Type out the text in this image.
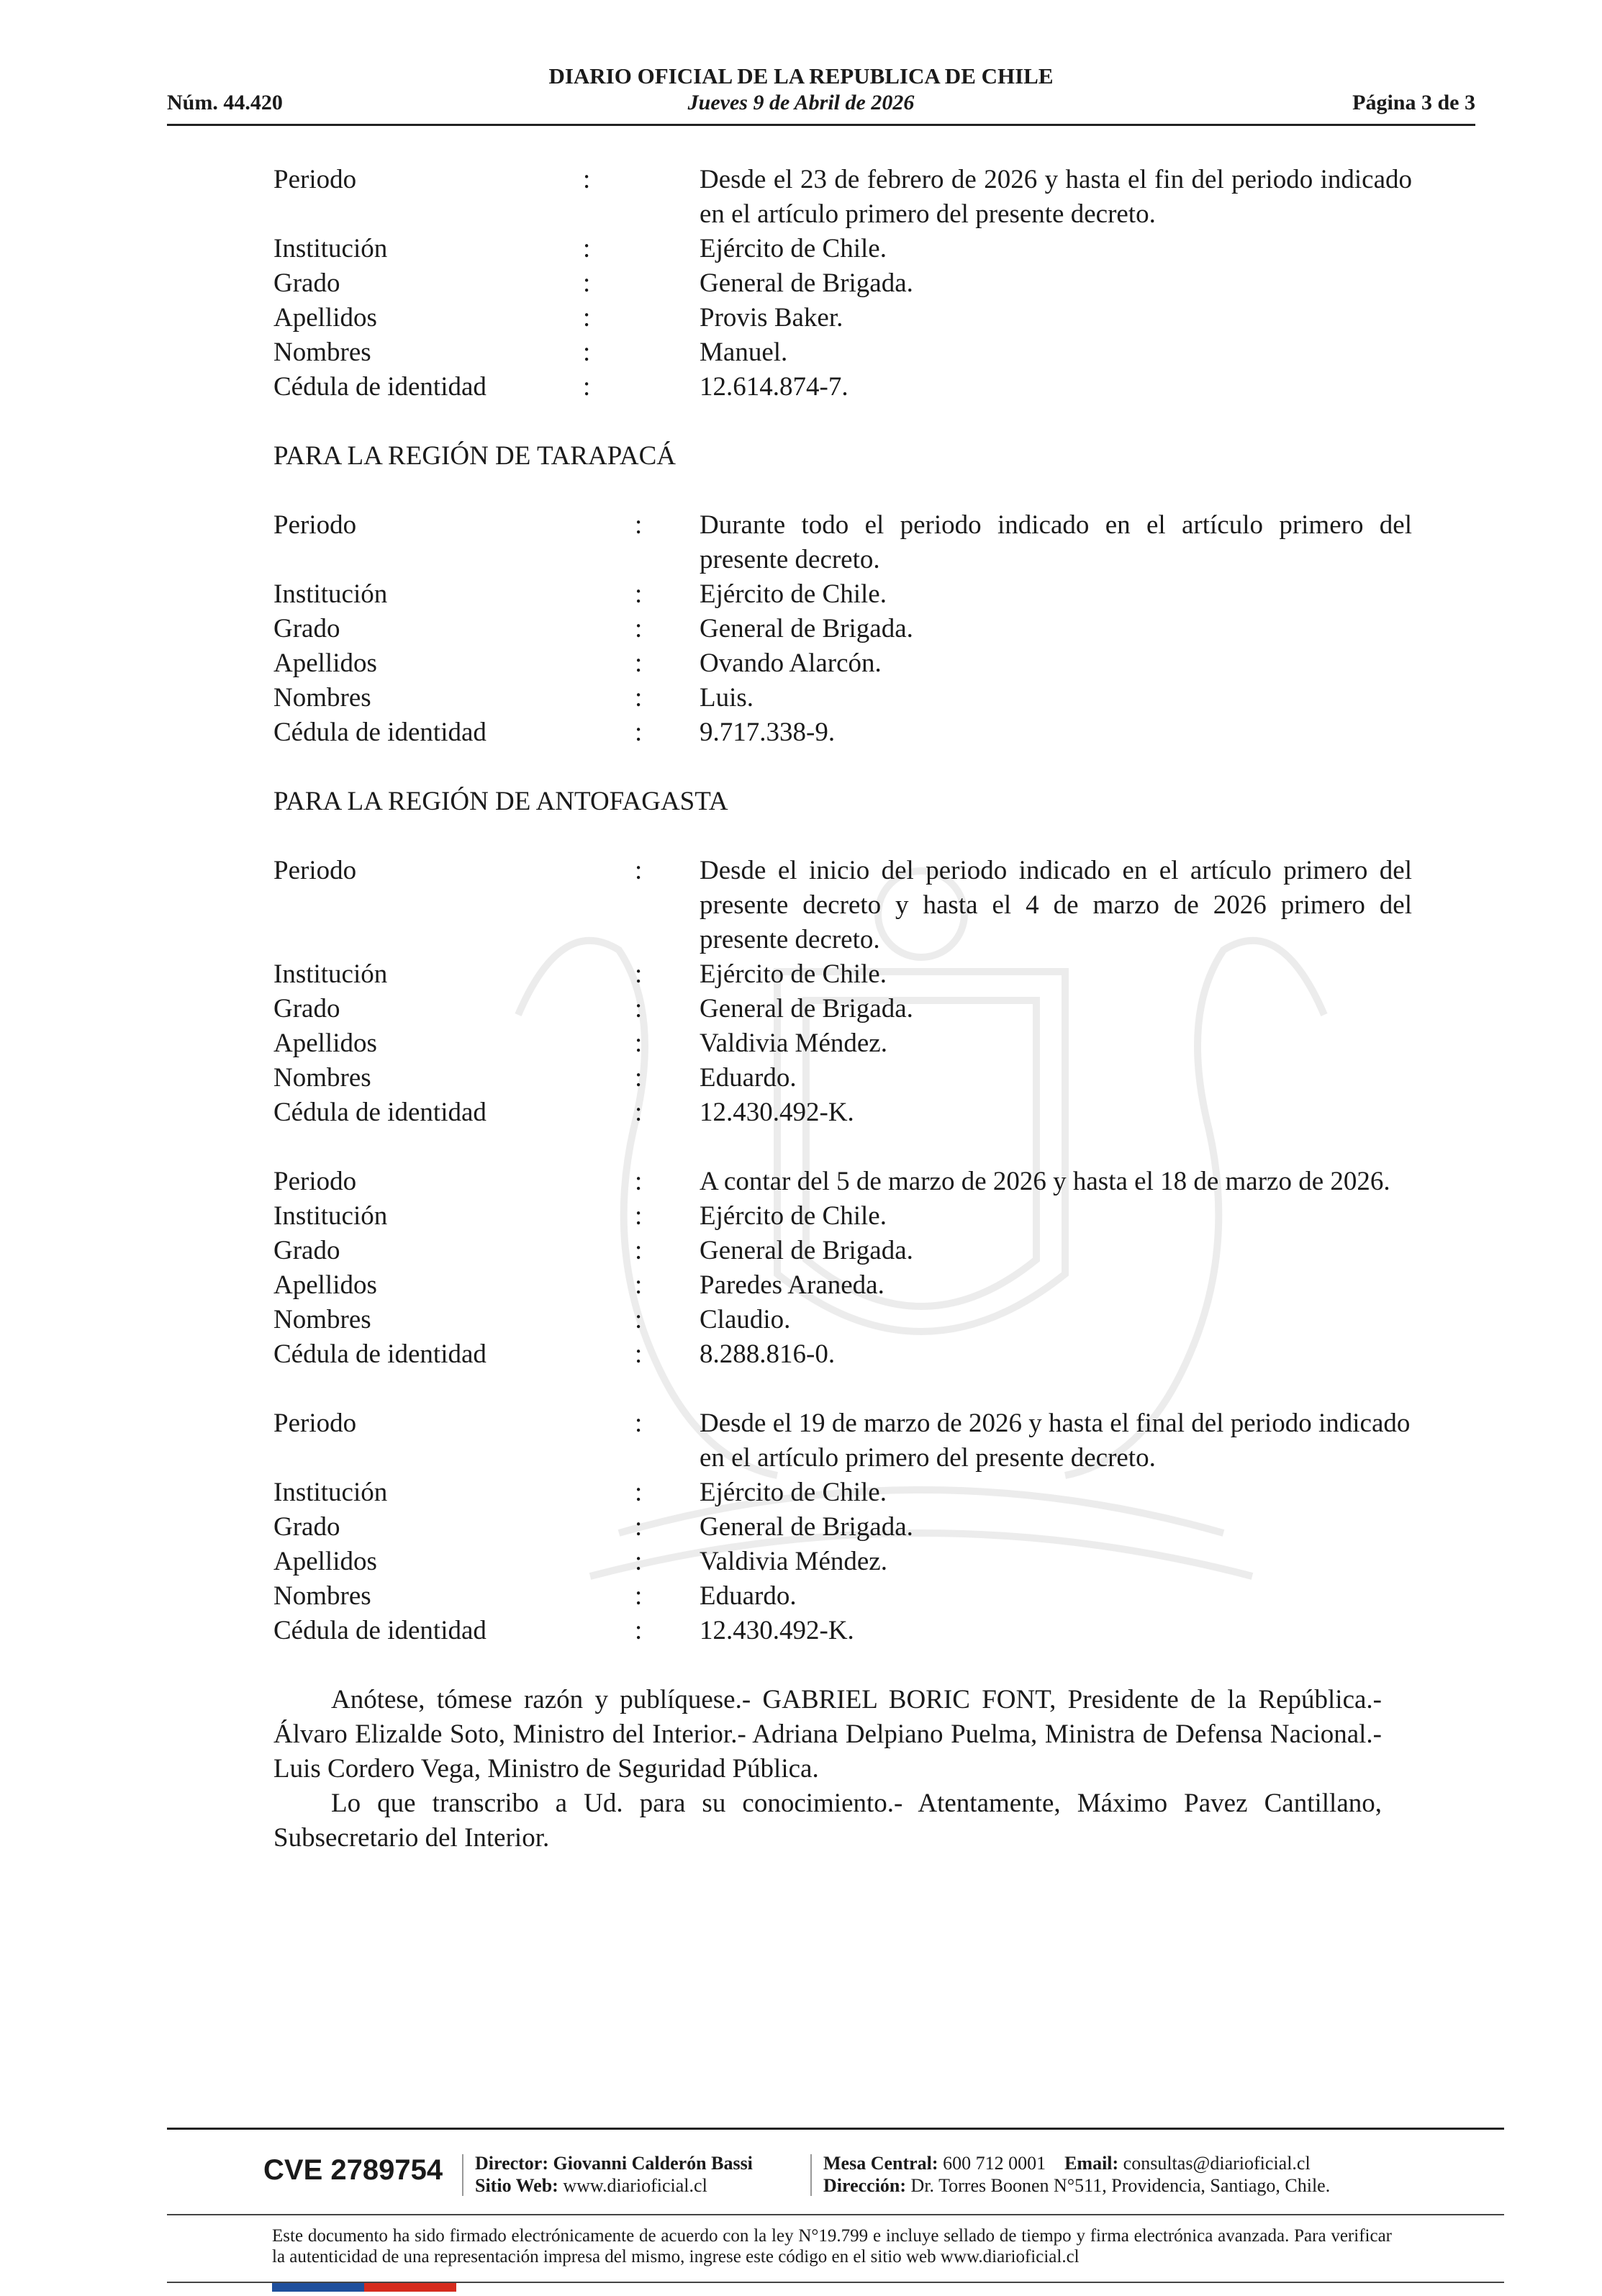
DIARIO OFICIAL DE LA REPUBLICA DE CHILE
Núm. 44.420	Jueves 9 de Abril de 2026	Página 3 de 3
Periodo	:	Desde el 23 de febrero de 2026 y hasta el fin del periodo indicado en el artículo primero del presente decreto.
Institución	:	Ejército de Chile.
Grado	:	General de Brigada.
Apellidos	:	Provis Baker.
Nombres	:	Manuel.
Cédula de identidad	:	12.614.874-7.
PARA LA REGIÓN DE TARAPACÁ
Periodo	:	Durante todo el periodo indicado en el artículo primero del presente decreto.
Institución	:	Ejército de Chile.
Grado	:	General de Brigada.
Apellidos	:	Ovando Alarcón.
Nombres	:	Luis.
Cédula de identidad	:	9.717.338-9.
PARA LA REGIÓN DE ANTOFAGASTA
Periodo	:	Desde el inicio del periodo indicado en el artículo primero del presente decreto y hasta el 4 de marzo de 2026 primero del presente decreto.
Institución	:	Ejército de Chile.
Grado	:	General de Brigada.
Apellidos	:	Valdivia Méndez.
Nombres	:	Eduardo.
Cédula de identidad	:	12.430.492-K.
Periodo	:	A contar del 5 de marzo de 2026 y hasta el 18 de marzo de 2026.
Institución	:	Ejército de Chile.
Grado	:	General de Brigada.
Apellidos	:	Paredes Araneda.
Nombres	:	Claudio.
Cédula de identidad	:	8.288.816-0.
Periodo	:	Desde el 19 de marzo de 2026 y hasta el final del periodo indicado en el artículo primero del presente decreto.
Institución	:	Ejército de Chile.
Grado	:	General de Brigada.
Apellidos	:	Valdivia Méndez.
Nombres	:	Eduardo.
Cédula de identidad	:	12.430.492-K.

Anótese, tómese razón y publíquese.- GABRIEL BORIC FONT, Presidente de la República.- Álvaro Elizalde Soto, Ministro del Interior.- Adriana Delpiano Puelma, Ministra de Defensa Nacional.- Luis Cordero Vega, Ministro de Seguridad Pública.

Lo que transcribo a Ud. para su conocimiento.- Atentamente, Máximo Pavez Cantillano, Subsecretario del Interior.

CVE 2789754 Director: Giovanni Calderón Bassi
Sitio Web: www.diarioficial.cl
Mesa Central: 600 712 0001 Email: consultas@diarioficial.cl
Dirección: Dr. Torres Boonen N°511, Providencia, Santiago, Chile.
Este documento ha sido firmado electrónicamente de acuerdo con la ley N°19.799 e incluye sellado de tiempo y firma electrónica avanzada. Para verificar la autenticidad de una representación impresa del mismo, ingrese este código en el sitio web www.diarioficial.cl
